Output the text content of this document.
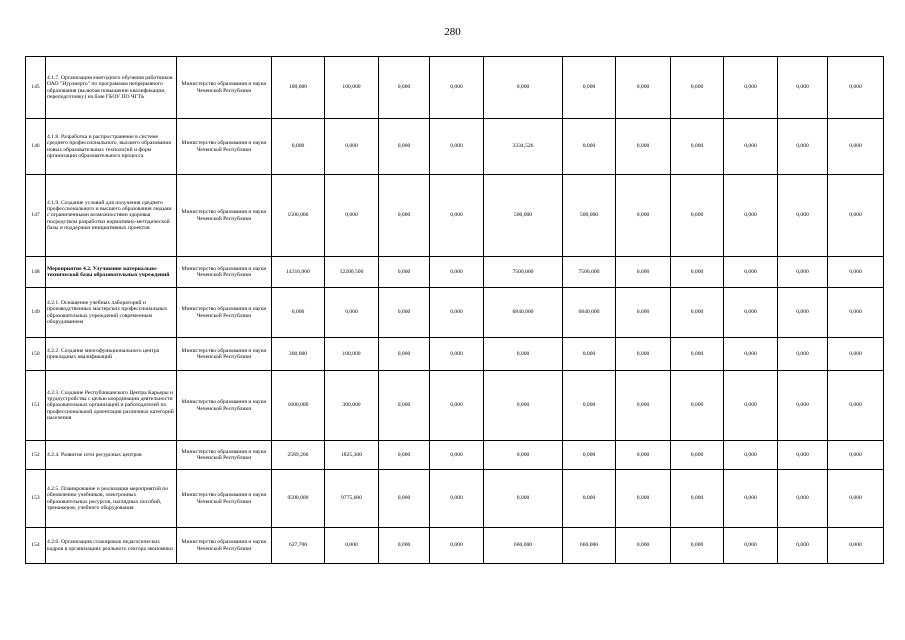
280
145	4.1.7. Организация ежегодного обучения работников ОАО "Нурэнерго" по программам непрерывного образования (включая повышение квалификации, переподготовку) на базе ГБОУ ПО ЧГТЬ	Министерство образования и науки Чеченской Республики	100,000	100,000	0,000	0,000	0,000	0,000	0,000	0,000	0,000	0,000	0,000
146	4.1.8. Разработка и распространение в системе среднего профессионального, высшего образования новых образовательных технологий и форм организации образовательного процесса	Министерство образования и науки Чеченской Республики	0,000	0,000	0,000	0,000	3334,526	0,000	0,000	0,000	0,000	0,000	0,000
147	4.1.9. Создание условий для получения среднего профессионального и высшего образования людьми с ограниченными возможностями здоровья посредством разработки нормативно-методической базы и поддержки инициативных проектов	Министерство образования и науки Чеченской Республики	1500,000	0,000	0,000	0,000	500,000	500,000	0,000	0,000	0,000	0,000	0,000
148	Мероприятие 4.2. Улучшение материально-технической базы образовательных учреждений	Министерство образования и науки Чеченской Республики	14316,900	12200,500	0,000	0,000	7500,000	7500,000	0,000	0,000	0,000	0,000	0,000
149	4.2.1. Оснащение учебных лабораторий и производственных мастерских профессиональных образовательных учреждений современным оборудованием	Министерство образования и науки Чеченской Республики	0,000	0,000	0,000	0,000	6840,000	6840,000	0,000	0,000	0,000	0,000	0,000
150	4.2.2. Создание многофункционального центра прикладных квалификаций	Министерство образования и науки Чеченской Республики	300,000	100,000	0,000	0,000	0,000	0,000	0,000	0,000	0,000	0,000	0,000
151	4.2.3. Создание Республиканского Центра Карьеры и трудоустройства с целью координации деятельности образовательных организаций и работодателей по профессиональной ориентации различных категорий населения	Министерство образования и науки Чеченской Республики	1600,000	300,000	0,000	0,000	0,000	0,000	0,000	0,000	0,000	0,000	0,000
152	4.2.4. Развитие сети ресурсных центров	Министерство образования и науки Чеченской Республики	2589,200	1825,300	0,000	0,000	0,000	0,000	0,000	0,000	0,000	0,000	0,000
153	4.2.5. Планирование и реализация мероприятий по обновлению учебников, электронных образовательных ресурсов, наглядных пособий, тренажеров, учебного оборудования	Министерство образования и науки Чеченской Республики	9500,000	9775,000	0,000	0,000	0,000	0,000	0,000	0,000	0,000	0,000	0,000
154	4.2.6. Организация стажировок педагогических кадров в организациях реального сектора экономики	Министерство образования и науки Чеченской Республики	627,700	0,000	0,000	0,000	660,000	660,000	0,000	0,000	0,000	0,000	0,000
